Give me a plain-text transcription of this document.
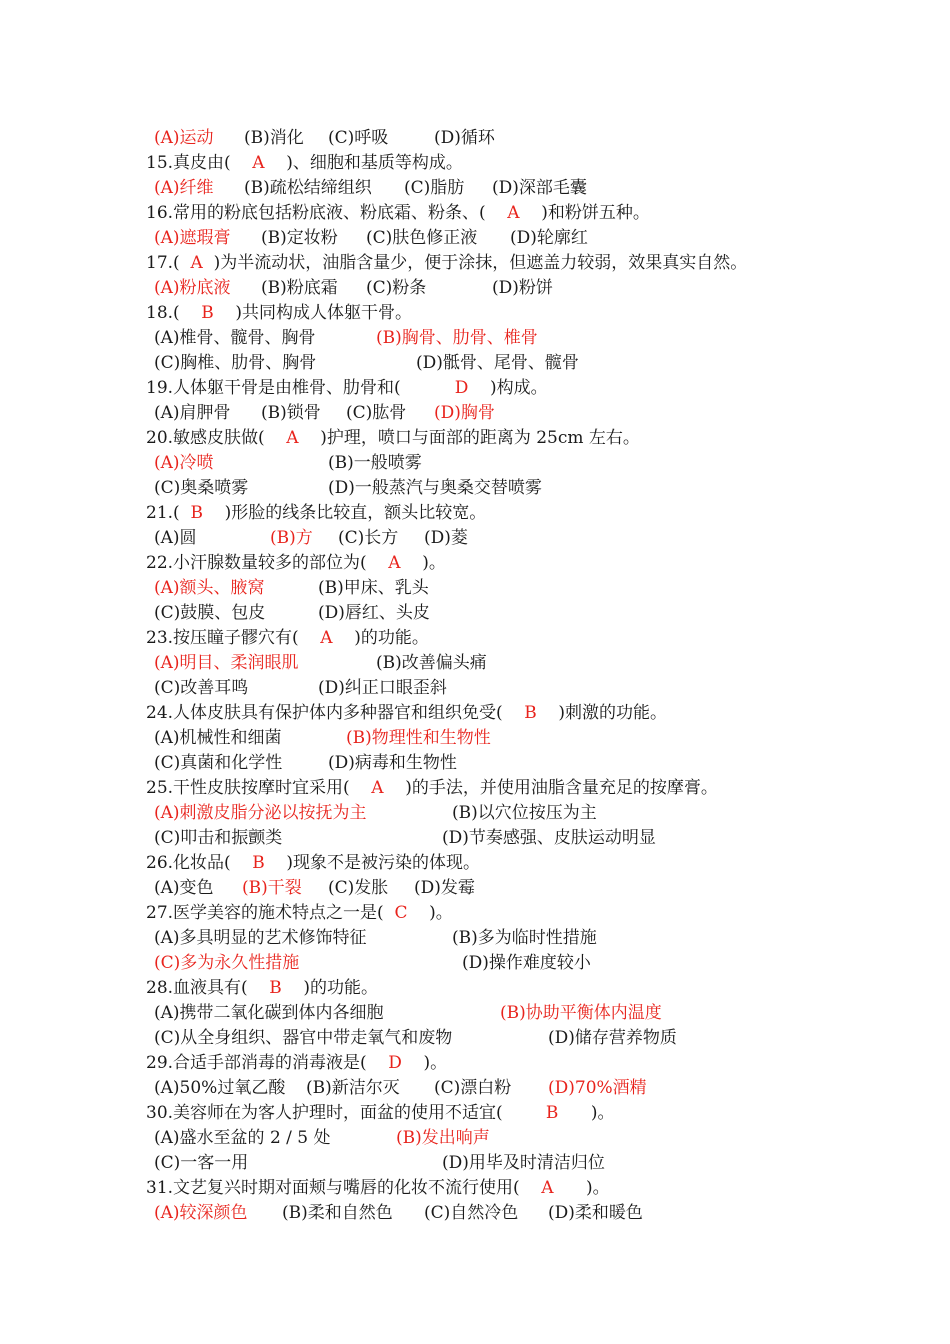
(A)运动 (B)消化 (C)呼吸	(D)循环
15.真皮由(    A    )、细胞和基质等构成。
(A)纤维 (B)疏松结缔组织 (C)脂肪 (D)深部毛囊
16.常用的粉底包括粉底液、粉底霜、粉条、(    A    )和粉饼五种。
(A)遮瑕膏 (B)定妆粉 (C)肤色修正液 (D)轮廓红
17.(  A  )为半流动状，油脂含量少，便于涂抹，但遮盖力较弱，效果真实自然。
(A)粉底液 (B)粉底霜 (C)粉条	(D)粉饼
18.(    B    )共同构成人体躯干骨。
(A)椎骨、髋骨、胸骨	(B)胸骨、肋骨、椎骨
(C)胸椎、肋骨、胸骨	(D)骶骨、尾骨、髋骨
19.人体躯干骨是由椎骨、肋骨和(          D    )构成。
(A)肩胛骨 (B)锁骨 (C)肱骨 (D)胸骨
20.敏感皮肤做(    A    )护理，喷口与面部的距离为 25cm 左右。
(A)冷喷	(B)一般喷雾
(C)奥桑喷雾	(D)一般蒸汽与奥桑交替喷雾
21.(  B    )形脸的线条比较直，额头比较宽。
(A)圆	(B)方 (C)长方 (D)菱
22.小汗腺数量较多的部位为(    A    )。
(A)额头、腋窝	(B)甲床、乳头
(C)鼓膜、包皮	(D)唇红、头皮
23.按压瞳子髎穴有(    A    )的功能。
(A)明目、柔润眼肌	(B)改善偏头痛
(C)改善耳鸣	(D)纠正口眼歪斜
24.人体皮肤具有保护体内多种器官和组织免受(    B    )刺激的功能。
(A)机械性和细菌	(B)物理性和生物性
(C)真菌和化学性	(D)病毒和生物性
25.干性皮肤按摩时宜采用(    A    )的手法，并使用油脂含量充足的按摩膏。
(A)刺激皮脂分泌以按抚为主	(B)以穴位按压为主
(C)叩击和振颤类	(D)节奏感强、皮肤运动明显
26.化妆品(    B    )现象不是被污染的体现。
(A)变色 (B)干裂 (C)发胀 (D)发霉
27.医学美容的施术特点之一是(  C    )。
(A)多具明显的艺术修饰特征	(B)多为临时性措施
(C)多为永久性措施	(D)操作难度较小
28.血液具有(    B    )的功能。
(A)携带二氧化碳到体内各细胞	(B)协助平衡体内温度
(C)从全身组织、器官中带走氧气和废物	(D)储存营养物质
29.合适手部消毒的消毒液是(    D    )。
(A)50%过氧乙酸 (B)新洁尔灭 (C)漂白粉 (D)70%酒精
30.美容师在为客人护理时，面盆的使用不适宜(        B      )。
(A)盛水至盆的 2 / 5 处	(B)发出响声
(C)一客一用	(D)用毕及时清洁归位
31.文艺复兴时期对面颊与嘴唇的化妆不流行使用(    A      )。
(A)较深颜色 (B)柔和自然色 (C)自然冷色 (D)柔和暖色
